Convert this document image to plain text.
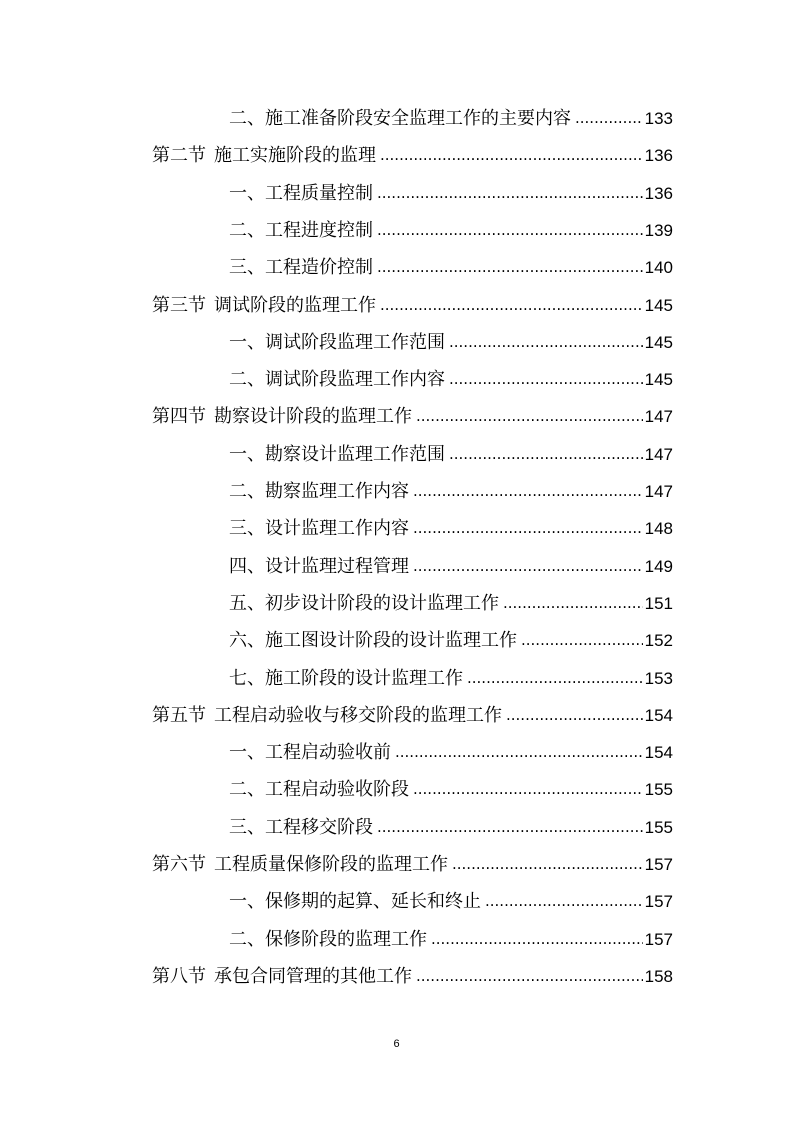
二、施工准备阶段安全监理工作的主要内容 .....	133
第二节 施工实施阶段的监理 .....	136
一、工程质量控制 .....	136
二、工程进度控制 .....	139
三、工程造价控制 .....	140
第三节 调试阶段的监理工作 .....	145
一、调试阶段监理工作范围 .....	145
二、调试阶段监理工作内容 .....	145
第四节 勘察设计阶段的监理工作 .....	147
一、勘察设计监理工作范围 .....	147
二、勘察监理工作内容 .....	147
三、设计监理工作内容 .....	148
四、设计监理过程管理 .....	149
五、初步设计阶段的设计监理工作 .....	151
六、施工图设计阶段的设计监理工作 .....	152
七、施工阶段的设计监理工作 .....	153
第五节 工程启动验收与移交阶段的监理工作 .....	154
一、工程启动验收前 .....	154
二、工程启动验收阶段 .....	155
三、工程移交阶段 .....	155
第六节 工程质量保修阶段的监理工作 .....	157
一、保修期的起算、延长和终止 .....	157
二、保修阶段的监理工作 .....	157
第八节 承包合同管理的其他工作 .....	158
6
